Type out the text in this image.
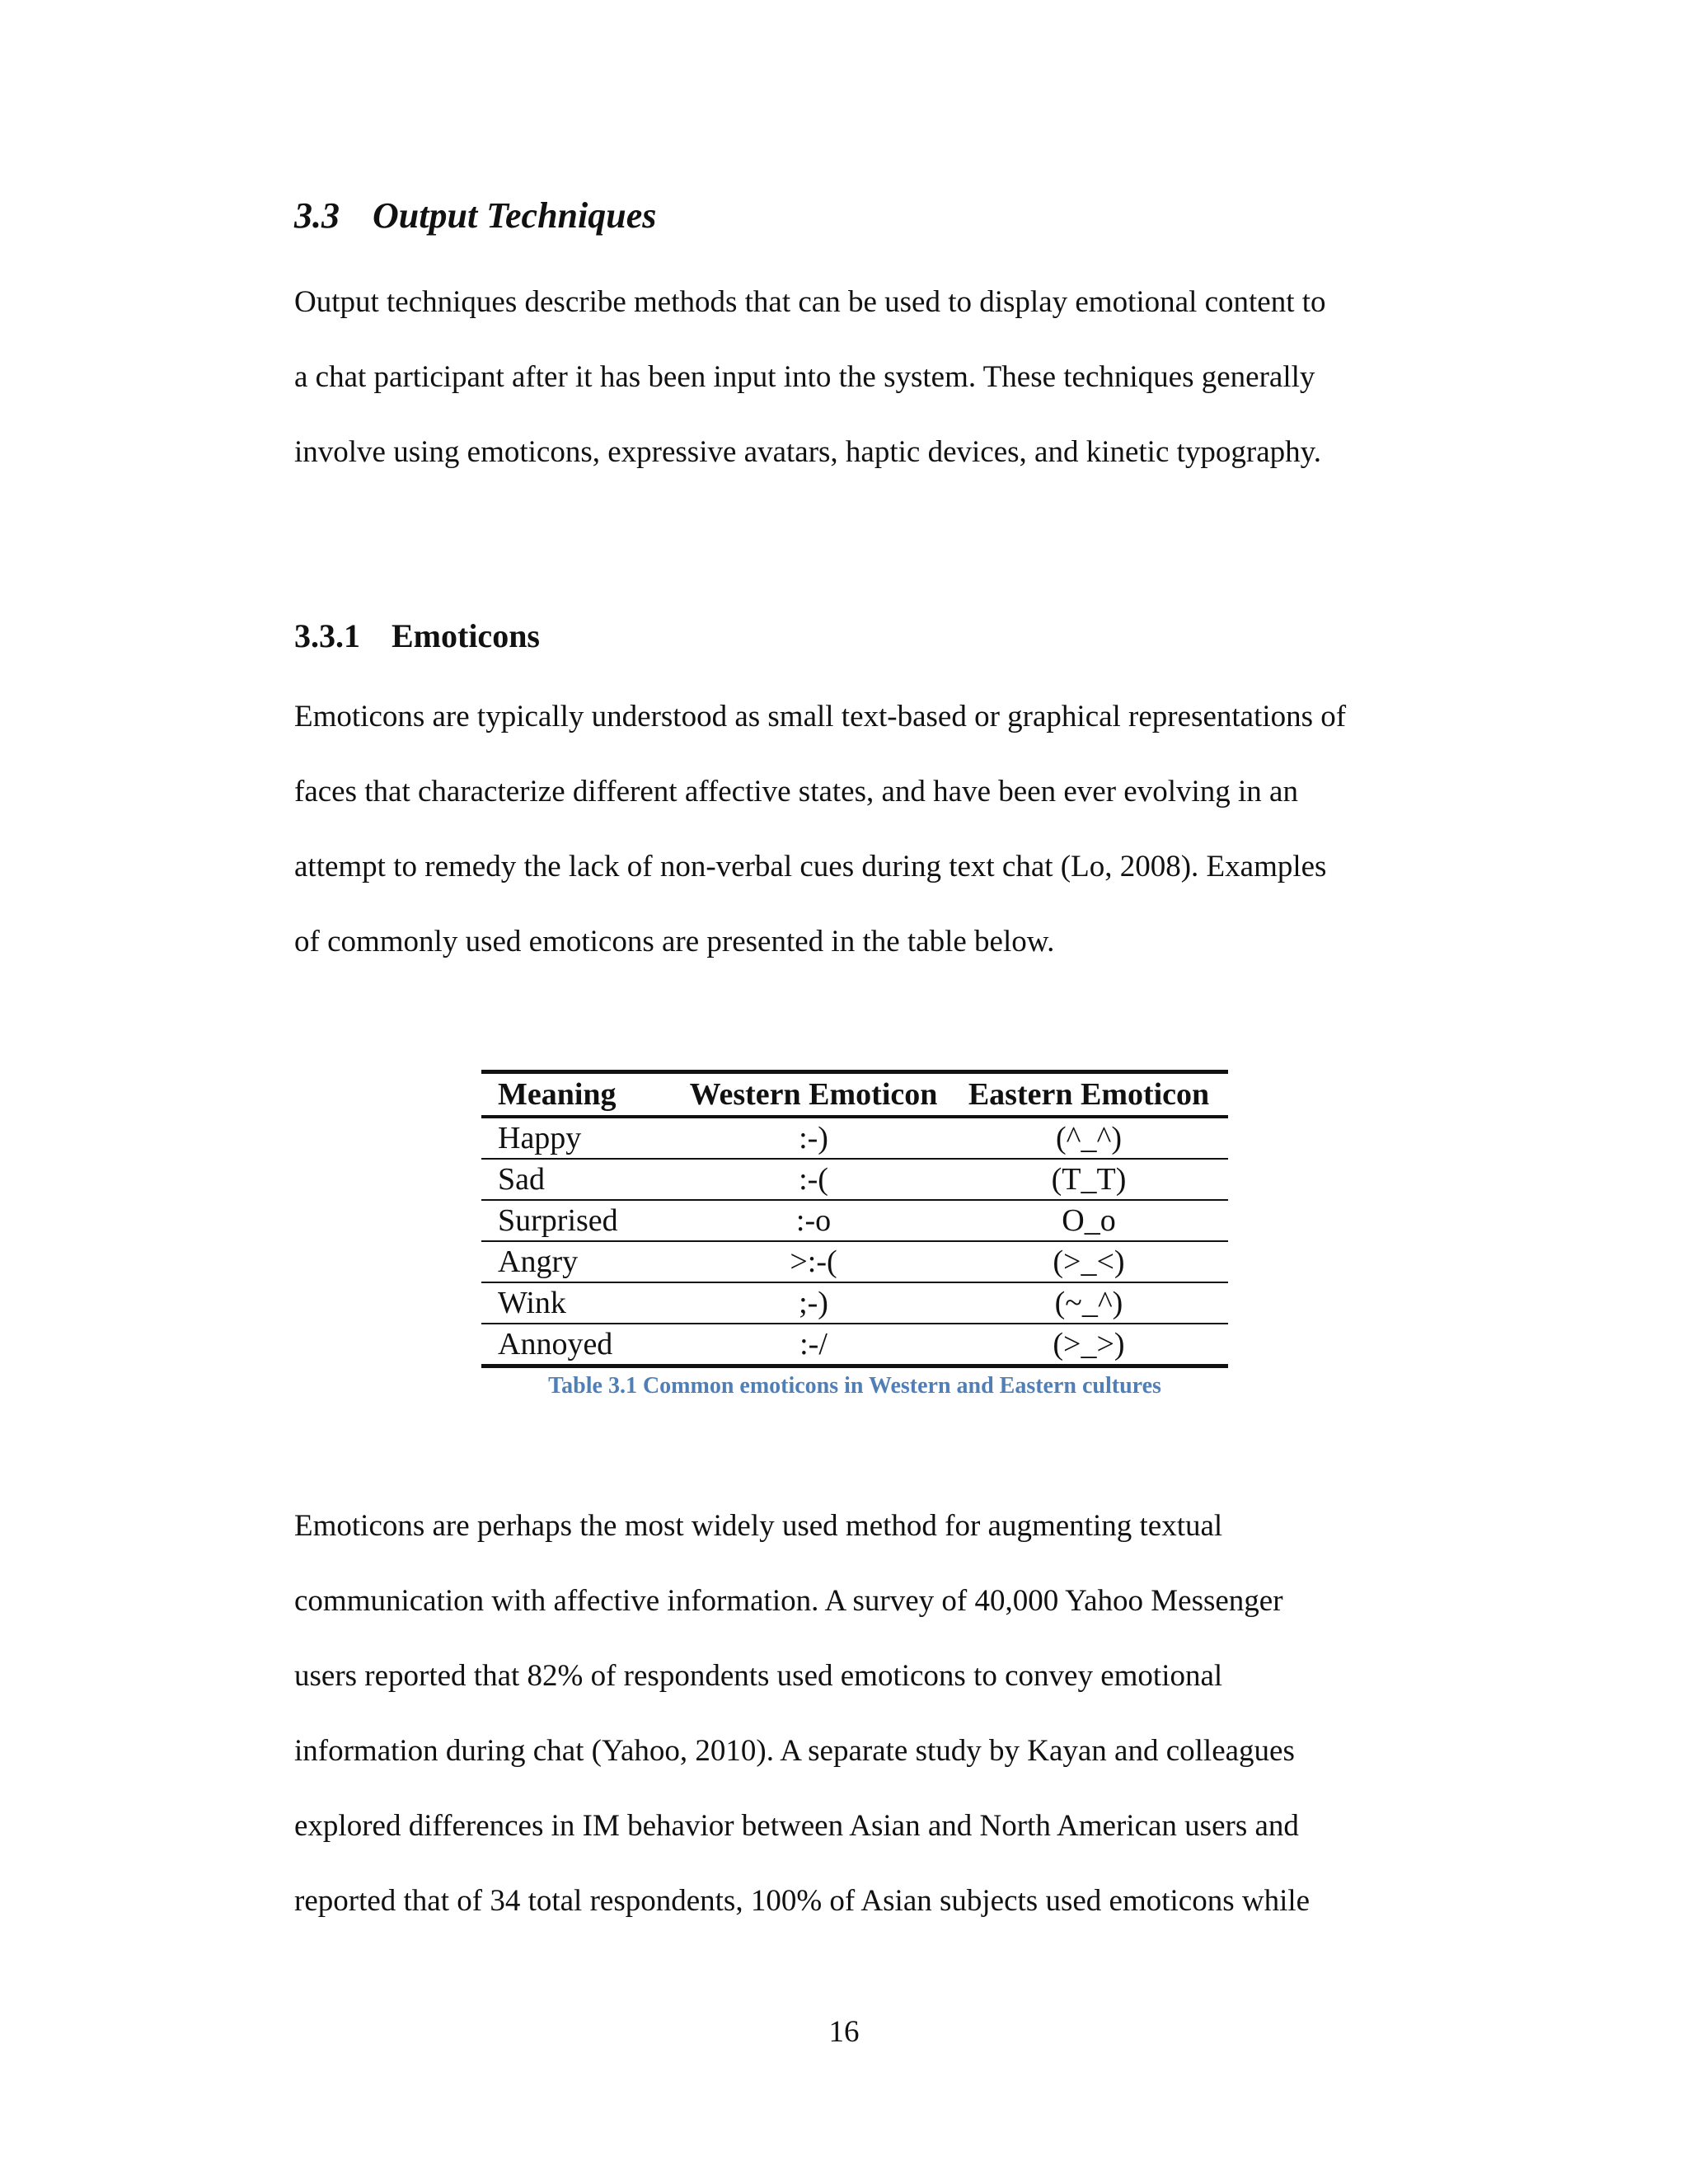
3.3 Output Techniques
Output techniques describe methods that can be used to display emotional content to
a chat participant after it has been input into the system. These techniques generally
involve using emoticons, expressive avatars, haptic devices, and kinetic typography.
3.3.1 Emoticons
Emoticons are typically understood as small text-based or graphical representations of
faces that characterize different affective states, and have been ever evolving in an
attempt to remedy the lack of non-verbal cues during text chat (Lo, 2008). Examples
of commonly used emoticons are presented in the table below.
Meaning	Western Emoticon	Eastern Emoticon
Happy	:-)	(^_^)
Sad	:-(	(T_T)
Surprised	:-o	O_o
Angry	>:-(	(>_<)
Wink	;-)	(~_^)
Annoyed	:-/	(>_>)
Table 3.1 Common emoticons in Western and Eastern cultures
Emoticons are perhaps the most widely used method for augmenting textual
communication with affective information. A survey of 40,000 Yahoo Messenger
users reported that 82% of respondents used emoticons to convey emotional
information during chat (Yahoo, 2010). A separate study by Kayan and colleagues
explored differences in IM behavior between Asian and North American users and
reported that of 34 total respondents, 100% of Asian subjects used emoticons while
16
